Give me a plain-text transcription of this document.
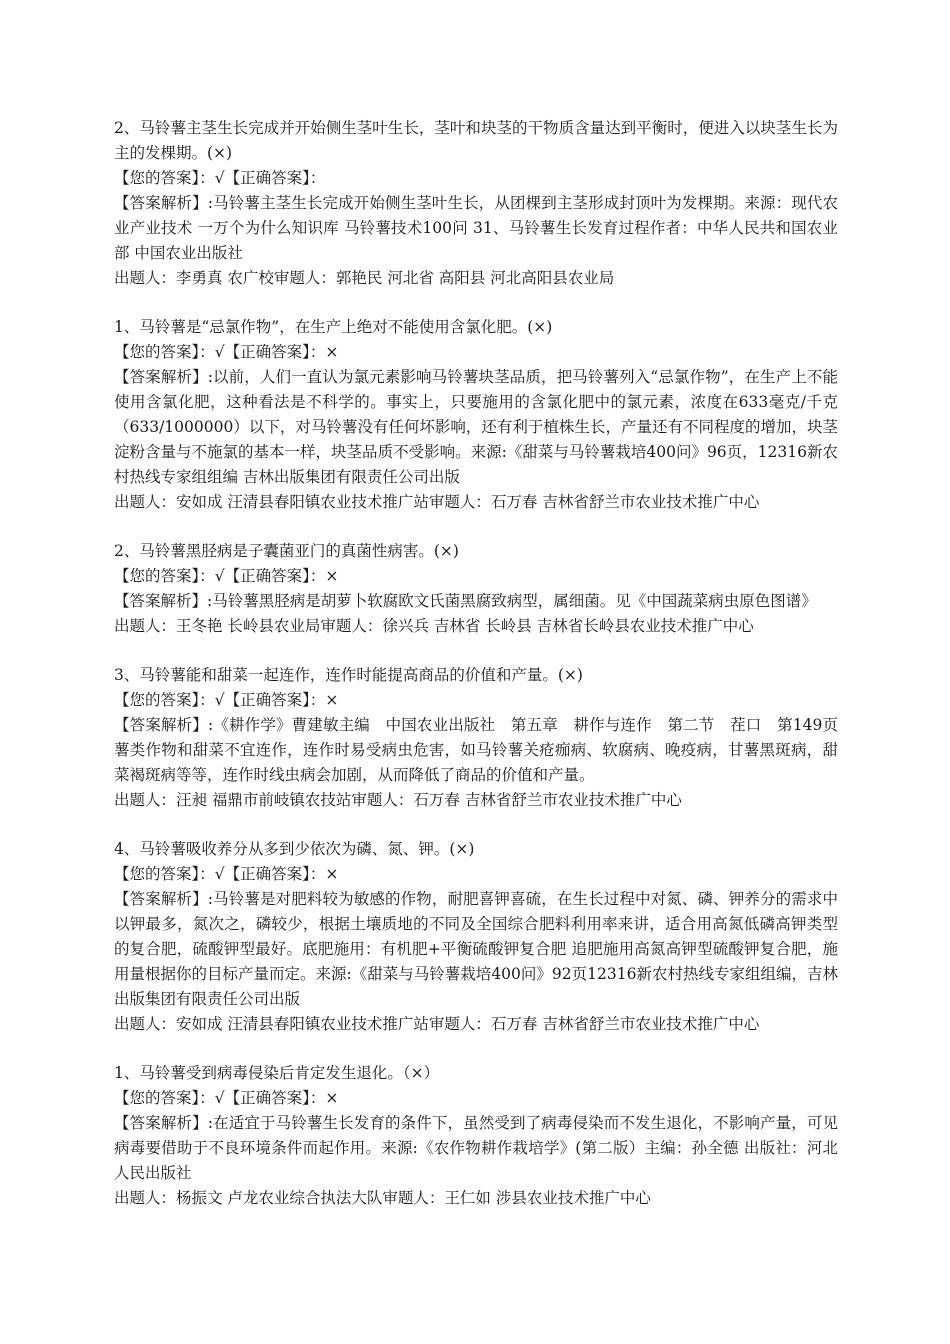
2、马铃薯主茎生长完成并开始侧生茎叶生长，茎叶和块茎的干物质含量达到平衡时，便进入以块茎生长为主的发棵期。(×)
【您的答案】：√【正确答案】：
【答案解析】:马铃薯主茎生长完成开始侧生茎叶生长，从团棵到主茎形成封顶叶为发棵期。来源：现代农业产业技术 一万个为什么知识库 马铃薯技术100问 31、马铃薯生长发育过程作者：中华人民共和国农业部 中国农业出版社
出题人：李勇真 农广校审题人：郭艳民 河北省 高阳县 河北高阳县农业局
1、马铃薯是“忌氯作物”，在生产上绝对不能使用含氯化肥。(×)
【您的答案】：√【正确答案】：×
【答案解析】:以前，人们一直认为氯元素影响马铃薯块茎品质，把马铃薯列入“忌氯作物”，在生产上不能使用含氯化肥，这种看法是不科学的。事实上，只要施用的含氯化肥中的氯元素，浓度在633毫克/千克（633/1000000）以下，对马铃薯没有任何坏影响，还有利于植株生长，产量还有不同程度的增加，块茎淀粉含量与不施氯的基本一样，块茎品质不受影响。来源:《甜菜与马铃薯栽培400问》96页，12316新农村热线专家组组编 吉林出版集团有限责任公司出版
出题人：安如成 汪清县春阳镇农业技术推广站审题人：石万春 吉林省舒兰市农业技术推广中心
2、马铃薯黑胫病是子囊菌亚门的真菌性病害。(×)
【您的答案】：√【正确答案】：×
【答案解析】:马铃薯黑胫病是胡萝卜软腐欧文氏菌黑腐致病型，属细菌。见《中国蔬菜病虫原色图谱》
出题人：王冬艳 长岭县农业局审题人：徐兴兵 吉林省 长岭县 吉林省长岭县农业技术推广中心
3、马铃薯能和甜菜一起连作，连作时能提高商品的价值和产量。(×)
【您的答案】：√【正确答案】：×
【答案解析】:《耕作学》曹建敏主编　中国农业出版社　第五章　耕作与连作　第二节　茬口　第149页　薯类作物和甜菜不宜连作，连作时易受病虫危害，如马铃薯关疮痂病、软腐病、晚疫病，甘薯黑斑病，甜菜褐斑病等等，连作时线虫病会加剧，从而降低了商品的价值和产量。
出题人：汪昶 福鼎市前岐镇农技站审题人：石万春 吉林省舒兰市农业技术推广中心
4、马铃薯吸收养分从多到少依次为磷、氮、钾。(×)
【您的答案】：√【正确答案】：×
【答案解析】:马铃薯是对肥料较为敏感的作物，耐肥喜钾喜硫，在生长过程中对氮、磷、钾养分的需求中以钾最多，氮次之，磷较少，根据土壤质地的不同及全国综合肥料利用率来讲，适合用高氮低磷高钾类型的复合肥，硫酸钾型最好。底肥施用：有机肥+平衡硫酸钾复合肥 追肥施用高氮高钾型硫酸钾复合肥，施用量根据你的目标产量而定。来源:《甜菜与马铃薯栽培400问》92页12316新农村热线专家组组编，吉林出版集团有限责任公司出版
出题人：安如成 汪清县春阳镇农业技术推广站审题人：石万春 吉林省舒兰市农业技术推广中心
1、马铃薯受到病毒侵染后肯定发生退化。（×）
【您的答案】：√【正确答案】：×
【答案解析】:在适宜于马铃薯生长发育的条件下，虽然受到了病毒侵染而不发生退化，不影响产量，可见病毒要借助于不良环境条件而起作用。来源:《农作物耕作栽培学》(第二版）主编：孙全德 出版社：河北人民出版社
出题人：杨振文 卢龙农业综合执法大队审题人：王仁如 涉县农业技术推广中心
